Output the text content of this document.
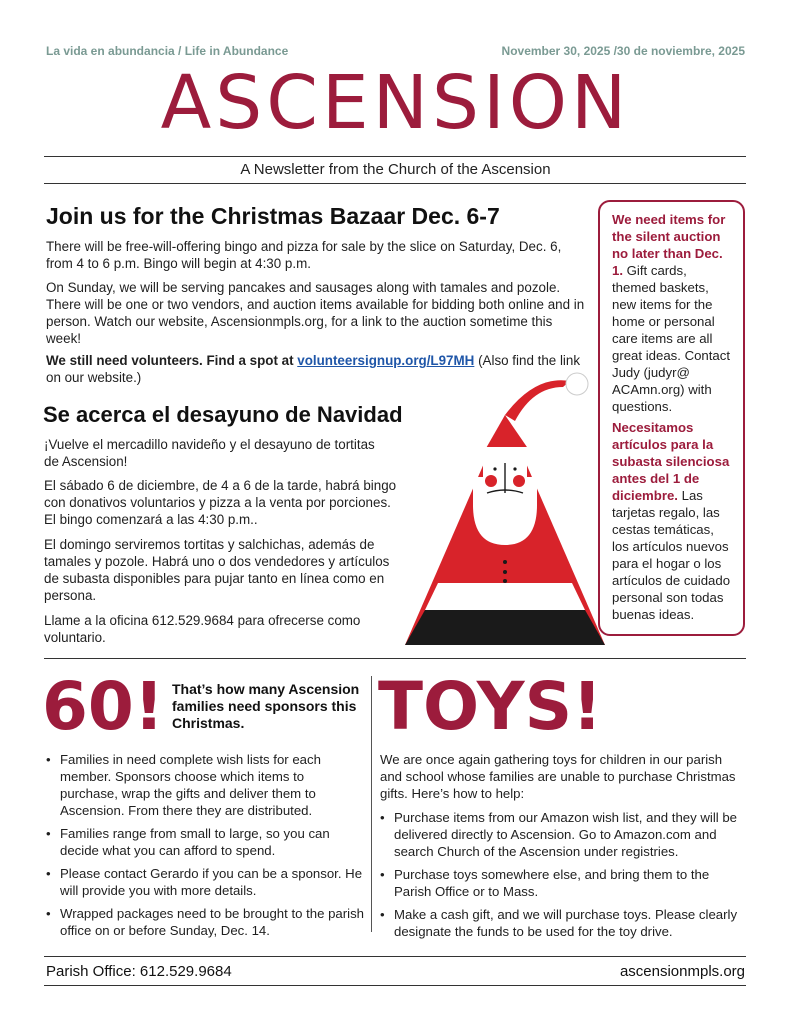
La vida en abundancia / Life in Abundance	November 30, 2025 /30 de noviembre, 2025
ASCENSION
A Newsletter from the Church of the Ascension
Join us for the Christmas Bazaar Dec. 6-7
There will be free-will-offering bingo and pizza for sale by the slice on Saturday, Dec. 6, from 4 to 6 p.m. Bingo will begin at 4:30 p.m.
On Sunday, we will be serving pancakes and sausages along with tamales and pozole. There will be one or two vendors, and auction items available for bidding both online and in person. Watch our website, Ascensionmpls.org, for a link to the auction sometime this week!
We still need volunteers. Find a spot at volunteersignup.org/L97MH (Also find the link on our website.)
Se acerca el desayuno de Navidad
¡Vuelve el mercadillo navideño y el desayuno de tortitas de Ascension!
El sábado 6 de diciembre, de 4 a 6 de la tarde, habrá bingo con donativos voluntarios y pizza a la venta por porciones. El bingo comenzará a las 4:30 p.m..
El domingo serviremos tortitas y salchichas, además de tamales y pozole. Habrá uno o dos vendedores y artículos de subasta disponibles para pujar tanto en línea como en persona.
Llame a la oficina 612.529.9684 para ofrecerse como voluntario.

We need items for the silent auction no later than Dec. 1. Gift cards, themed baskets, new items for the home or personal care items are all great ideas. Contact Judy (judyr@ ACAmn.org) with questions.

Necesitamos artículos para la subasta silenciosa antes del 1 de diciembre. Las tarjetas regalo, las cestas temáticas, los artículos nuevos para el hogar o los artículos de cuidado personal son todas buenas ideas.

60! That’s how many Ascension families need sponsors this Christmas.
• Families in need complete wish lists for each member. Sponsors choose which items to purchase, wrap the gifts and deliver them to Ascension. From there they are distributed.
• Families range from small to large, so you can decide what you can afford to spend.
• Please contact Gerardo if you can be a sponsor. He will provide you with more details.
• Wrapped packages need to be brought to the parish office on or before Sunday, Dec. 14.
TOYS!
We are once again gathering toys for children in our parish and school whose families are unable to purchase Christmas gifts. Here’s how to help:
• Purchase items from our Amazon wish list, and they will be delivered directly to Ascension. Go to Amazon.com and search Church of the Ascension under registries.
• Purchase toys somewhere else, and bring them to the Parish Office or to Mass.
• Make a cash gift, and we will purchase toys. Please clearly designate the funds to be used for the toy drive.
Parish Office: 612.529.9684	ascensionmpls.org
